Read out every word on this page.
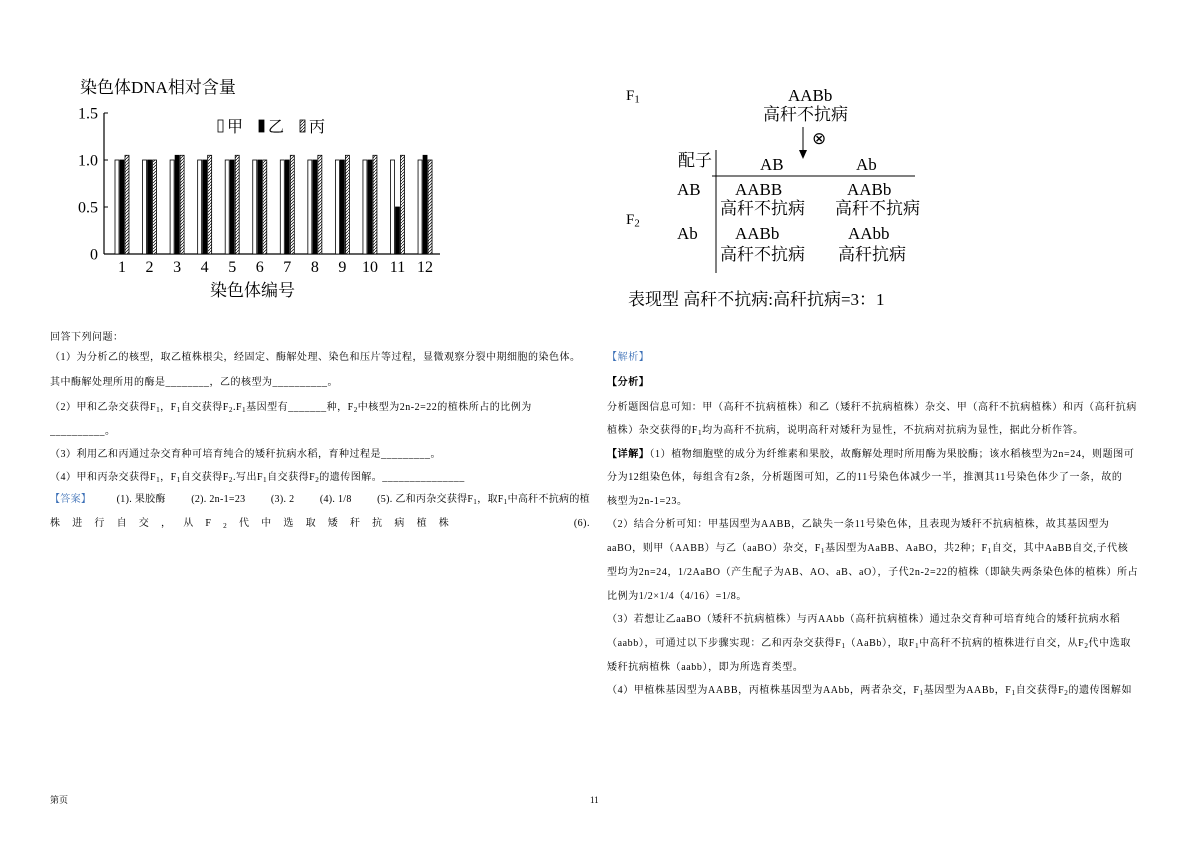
染色体DNA相对含量
染色体编号
0
0.5
1.0
1.5
1 2 3 4 5 6 7 8 9 10 11 12
甲 乙 丙
回答下列问题：
（1）为分析乙的核型，取乙植株根尖，经固定、酶解处理、染色和压片等过程，显微观察分裂中期细胞的染色体。
其中酶解处理所用的酶是________，乙的核型为__________。
（2）甲和乙杂交获得$F_1$，$F_1$自交获得$F_2.F_1$基因型有_______种，$F_2$中核型为2n-2=22的植株所占的比例为
__________。
（3）利用乙和丙通过杂交育种可培育纯合的矮秆抗病水稻，育种过程是_________。
（4）甲和丙杂交获得$F_1$，$F_1$自交获得$F_2$.写出$F_1$自交获得$F_2$的遗传图解。_______________
【答案】	(1). 果胶酶	(2). 2n-1=23	(3). 2	(4). 1/8	(5). 乙和丙杂交获得$F_1$，取$F_1$中高秆不抗病的植
株进行自交，从$F_2$代中选取矮秆抗病植株	(6).
$F_1$	AABb
高秆不抗病
⊗
配子	AB	Ab
AB AABB	AABb
高秆不抗病 高秆不抗病
$F_2$
Ab AABb	AAbb
高秆不抗病 高秆抗病
表现型 高秆不抗病:高秆抗病=3：1
【解析】
【分析】
分析题图信息可知：甲（高秆不抗病植株）和乙（矮秆不抗病植株）杂交、甲（高秆不抗病植株）和丙（高秆抗病
植株）杂交获得的$F_1$均为高秆不抗病，说明高秆对矮秆为显性，不抗病对抗病为显性，据此分析作答。
【详解】（1）植物细胞壁的成分为纤维素和果胶，故酶解处理时所用酶为果胶酶；该水稻核型为2n=24，则题图可
分为12组染色体，每组含有2条，分析题图可知，乙的11号染色体减少一半，推测其11号染色体少了一条，故的
核型为2n-1=23。
（2）结合分析可知：甲基因型为AABB，乙缺失一条11号染色体，且表现为矮秆不抗病植株，故其基因型为
aaBO，则甲（AABB）与乙（aaBO）杂交，$F_1$基因型为AaBB、AaBO，共2种；$F_1$自交，其中AaBB自交,子代核
型均为2n=24，1/2AaBO（产生配子为AB、AO、aB、aO），子代2n-2=22的植株（即缺失两条染色体的植株）所占
比例为1/2×1/4（4/16）=1/8。
（3）若想让乙aaBO（矮秆不抗病植株）与丙AAbb（高秆抗病植株）通过杂交育种可培育纯合的矮秆抗病水稻
（aabb），可通过以下步骤实现：乙和丙杂交获得$F_1(AaBb)$，取$F_1$中高秆不抗病的植株进行自交，从$F_2$代中选取
矮秆抗病植株（aabb），即为所选育类型。
（4）甲植株基因型为AABB，丙植株基因型为AAbb，两者杂交，$F_1$基因型为AABb，$F_1$自交获得$F_2$的遗传图解如
第页	11
